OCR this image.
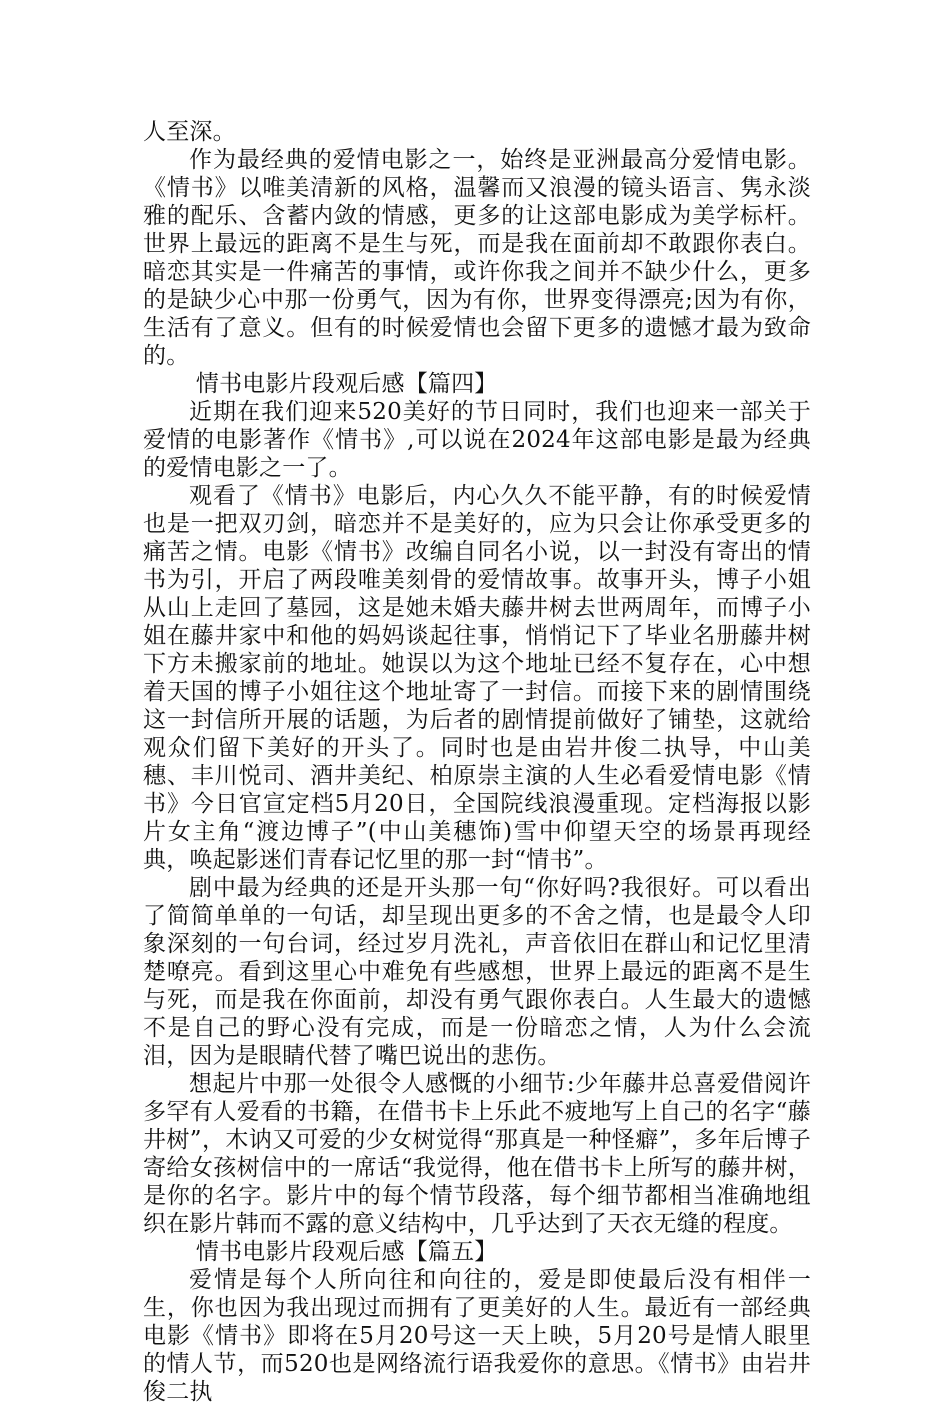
人至深。

作为最经典的爱情电影之一，始终是亚洲最高分爱情电影。《情书》以唯美清新的风格，温馨而又浪漫的镜头语言、隽永淡雅的配乐、含蓄内敛的情感，更多的让这部电影成为美学标杆。世界上最远的距离不是生与死，而是我在面前却不敢跟你表白。暗恋其实是一件痛苦的事情，或许你我之间并不缺少什么，更多的是缺少心中那一份勇气，因为有你，世界变得漂亮;因为有你，生活有了意义。但有的时候爱情也会留下更多的遗憾才最为致命的。

情书电影片段观后感【篇四】

近期在我们迎来520美好的节日同时，我们也迎来一部关于爱情的电影著作《情书》,可以说在2024年这部电影是最为经典的爱情电影之一了。

观看了《情书》电影后，内心久久不能平静，有的时候爱情也是一把双刃剑，暗恋并不是美好的，应为只会让你承受更多的痛苦之情。电影《情书》改编自同名小说，以一封没有寄出的情书为引，开启了两段唯美刻骨的爱情故事。故事开头，博子小姐从山上走回了墓园，这是她未婚夫藤井树去世两周年，而博子小姐在藤井家中和他的妈妈谈起往事，悄悄记下了毕业名册藤井树下方未搬家前的地址。她误以为这个地址已经不复存在，心中想着天国的博子小姐往这个地址寄了一封信。而接下来的剧情围绕这一封信所开展的话题，为后者的剧情提前做好了铺垫，这就给观众们留下美好的开头了。同时也是由岩井俊二执导，中山美穗、丰川悦司、酒井美纪、柏原崇主演的人生必看爱情电影《情书》今日官宣定档5月20日，全国院线浪漫重现。定档海报以影片女主角“渡边博子”(中山美穗饰)雪中仰望天空的场景再现经典，唤起影迷们青春记忆里的那一封“情书”。

剧中最为经典的还是开头那一句“你好吗?我很好。可以看出了简简单单的一句话，却呈现出更多的不舍之情，也是最令人印象深刻的一句台词，经过岁月洗礼，声音依旧在群山和记忆里清楚嘹亮。看到这里心中难免有些感想，世界上最远的距离不是生与死，而是我在你面前，却没有勇气跟你表白。人生最大的遗憾不是自己的野心没有完成，而是一份暗恋之情，人为什么会流泪，因为是眼睛代替了嘴巴说出的悲伤。

想起片中那一处很令人感慨的小细节:少年藤井总喜爱借阅许多罕有人爱看的书籍，在借书卡上乐此不疲地写上自己的名字“藤井树”，木讷又可爱的少女树觉得“那真是一种怪癖”，多年后博子寄给女孩树信中的一席话“我觉得，他在借书卡上所写的藤井树，是你的名字。影片中的每个情节段落，每个细节都相当准确地组织在影片韩而不露的意义结构中，几乎达到了天衣无缝的程度。

情书电影片段观后感【篇五】

爱情是每个人所向往和向往的，爱是即使最后没有相伴一生，你也因为我出现过而拥有了更美好的人生。最近有一部经典电影《情书》即将在5月20号这一天上映，5月20号是情人眼里的情人节，而520也是网络流行语我爱你的意思。《情书》由岩井俊二执
